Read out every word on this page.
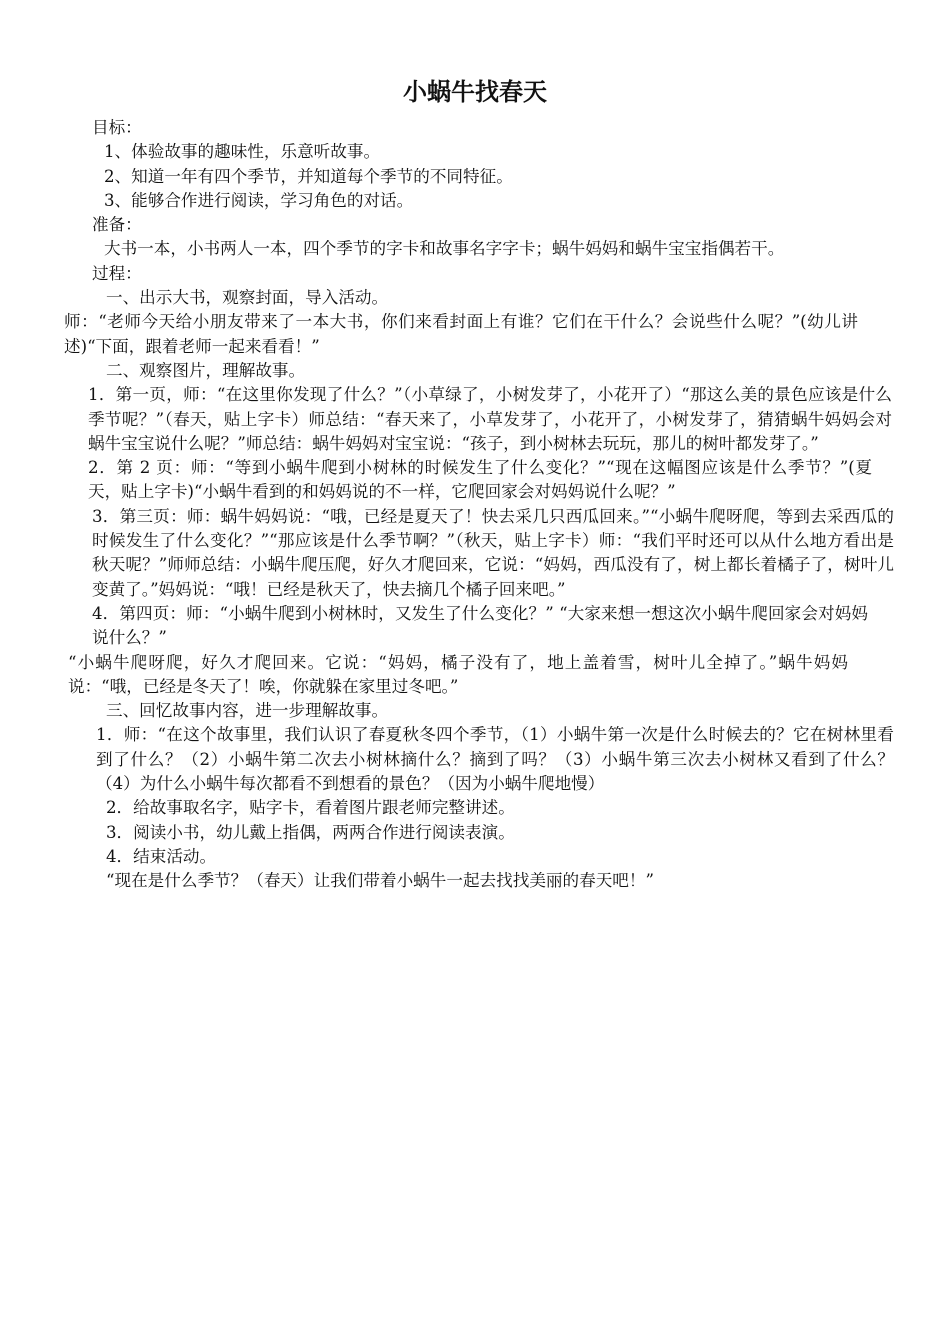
小蜗牛找春天

目标：

1、体验故事的趣味性，乐意听故事。

2、知道一年有四个季节，并知道每个季节的不同特征。

3、能够合作进行阅读，学习角色的对话。

准备：

大书一本，小书两人一本，四个季节的字卡和故事名字字卡；蜗牛妈妈和蜗牛宝宝指偶若干。

过程：

一、出示大书，观察封面，导入活动。

师：“老师今天给小朋友带来了一本大书，你们来看封面上有谁？它们在干什么？会说些什么呢？”(幼儿讲述)“下面，跟着老师一起来看看！”

二、观察图片，理解故事。

1．第一页，师：“在这里你发现了什么？”（小草绿了，小树发芽了，小花开了）“那这么美的景色应该是什么季节呢？”（春天，贴上字卡）师总结：“春天来了，小草发芽了，小花开了，小树发芽了，猜猜蜗牛妈妈会对蜗牛宝宝说什么呢？”师总结：蜗牛妈妈对宝宝说：“孩子，到小树林去玩玩，那儿的树叶都发芽了。”

2．第 2 页：师：“等到小蜗牛爬到小树林的时候发生了什么变化？”“现在这幅图应该是什么季节？”(夏天，贴上字卡)“小蜗牛看到的和妈妈说的不一样，它爬回家会对妈妈说什么呢？”

3．第三页：师：蜗牛妈妈说：“哦，已经是夏天了！快去采几只西瓜回来。”“小蜗牛爬呀爬，等到去采西瓜的时候发生了什么变化？”“那应该是什么季节啊？”（秋天，贴上字卡）师：“我们平时还可以从什么地方看出是秋天呢？”师师总结：小蜗牛爬压爬，好久才爬回来，它说：“妈妈，西瓜没有了，树上都长着橘子了，树叶儿变黄了。”妈妈说：“哦！已经是秋天了，快去摘几个橘子回来吧。”

4．第四页：师：“小蜗牛爬到小树林时，又发生了什么变化？” “大家来想一想这次小蜗牛爬回家会对妈妈说什么？”

“小蜗牛爬呀爬，好久才爬回来。它说：“妈妈，橘子没有了，地上盖着雪，树叶儿全掉了。”蜗牛妈妈说：“哦，已经是冬天了！唉，你就躲在家里过冬吧。”

三、回忆故事内容，进一步理解故事。

1．师：“在这个故事里，我们认识了春夏秋冬四个季节，（1）小蜗牛第一次是什么时候去的？它在树林里看到了什么？（2）小蜗牛第二次去小树林摘什么？摘到了吗？（3）小蜗牛第三次去小树林又看到了什么？（4）为什么小蜗牛每次都看不到想看的景色？（因为小蜗牛爬地慢）

2．给故事取名字，贴字卡，看着图片跟老师完整讲述。

3．阅读小书，幼儿戴上指偶，两两合作进行阅读表演。

4．结束活动。

“现在是什么季节？（春天）让我们带着小蜗牛一起去找找美丽的春天吧！”
